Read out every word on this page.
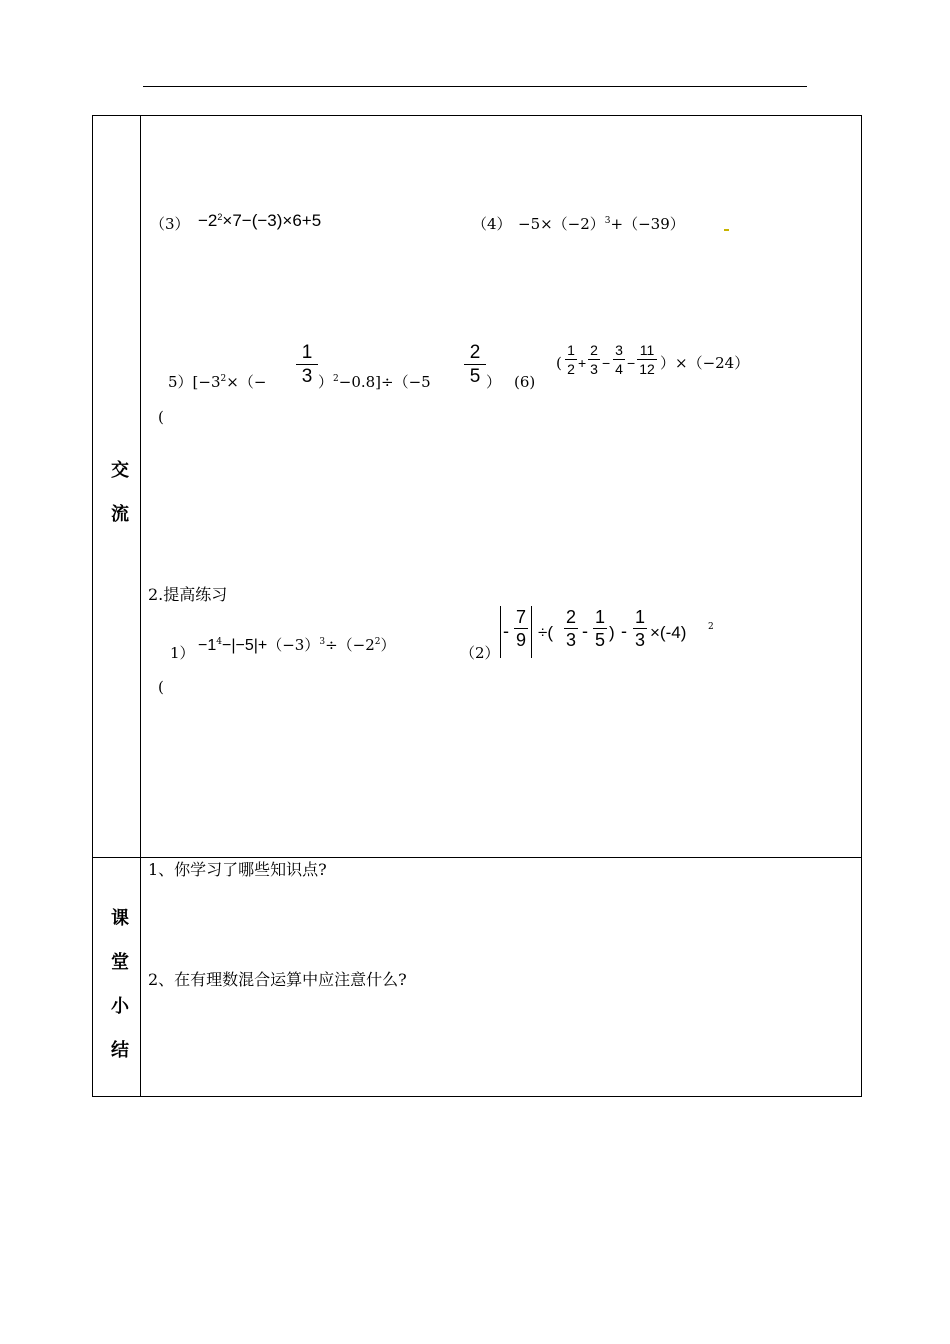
交
流
课
堂
小
结
$(3) -2^2\times 7-(-3)\times 6+5$	$(4) -5\times(-2)^3+(-39)$
$5)[-3^2\times(-$
1
3 ）$^2$−0.8]÷（−5
2
5 ）
(
(6)
(
1
2 +
2
3 −
3
4 −
11
12 ）×（−24）
2.提高练习
$1) -1^4-|-5|+(-3)^3\div(-2^2)$
(
（2）
-
7
9 ÷(
2
3 -
1
5 ) -
1
3 ×(-4) 2
1、你学习了哪些知识点?
2、在有理数混合运算中应注意什么?
